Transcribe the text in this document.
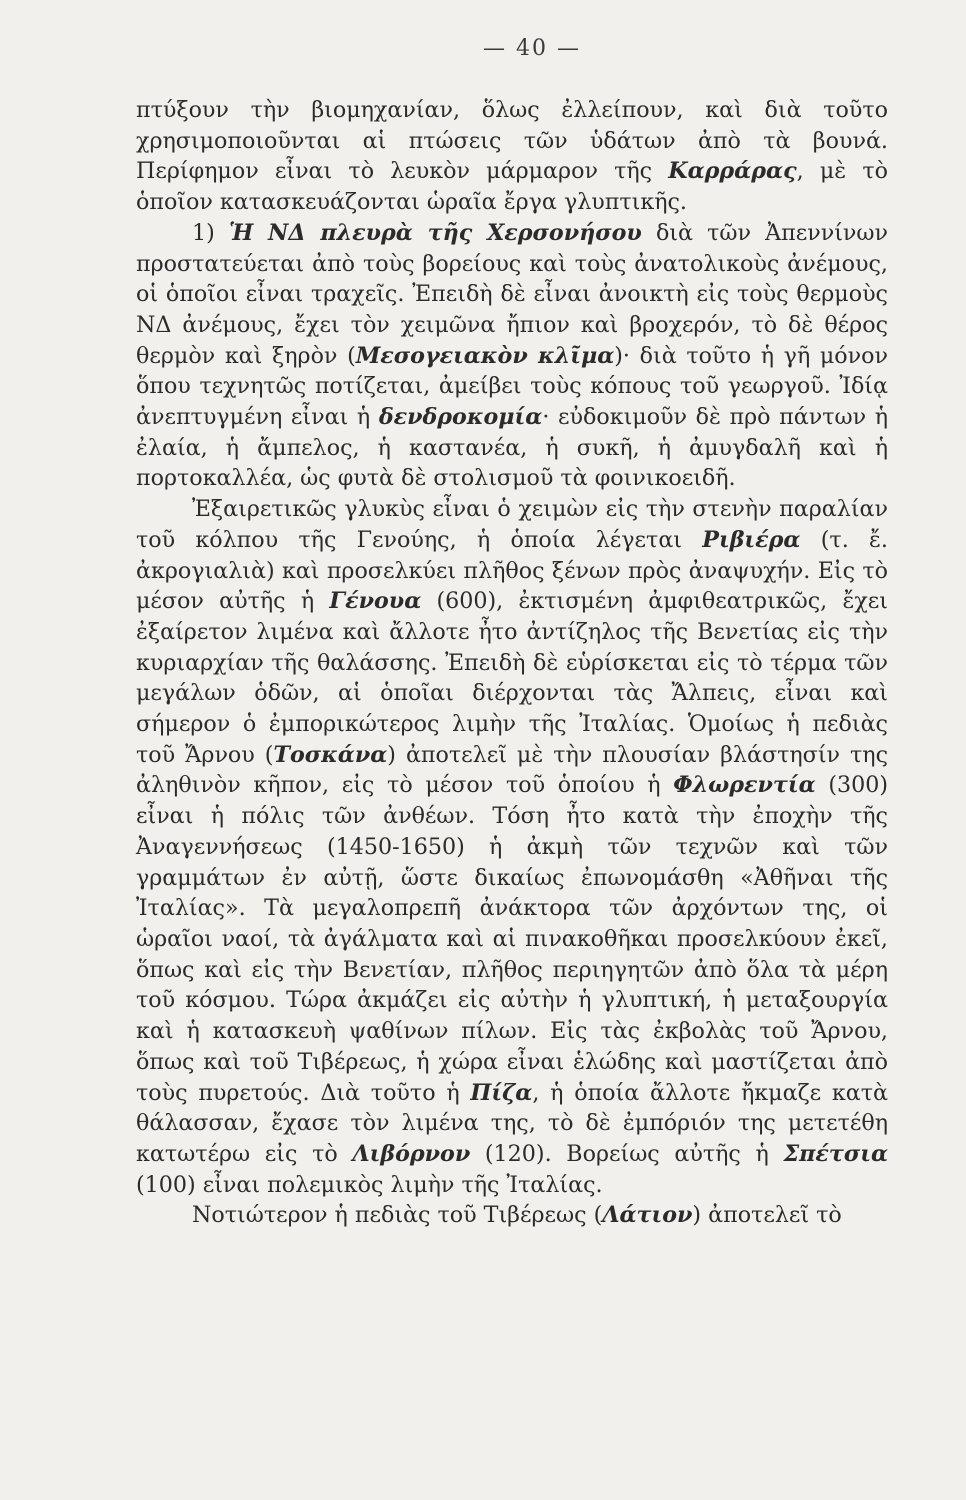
— 40 —

πτύξουν τὴν βιομηχανίαν, ὅλως ἐλλείπουν, καὶ διὰ τοῦτο χρησιμοποιοῦνται αἱ πτώσεις τῶν ὑδάτων ἀπὸ τὰ βουνά. Περίφημον εἶναι τὸ λευκὸν μάρμαρον τῆς Καρράρας, μὲ τὸ ὁποῖον κατασκευάζονται ὡραῖα ἔργα γλυπτικῆς.

1) Ἡ ΝΔ πλευρὰ τῆς Χερσονήσου διὰ τῶν Ἀπεννίνων προστατεύεται ἀπὸ τοὺς βορείους καὶ τοὺς ἀνατολικοὺς ἀνέμους, οἱ ὁποῖοι εἶναι τραχεῖς. Ἐπειδὴ δὲ εἶναι ἀνοικτὴ εἰς τοὺς θερμοὺς ΝΔ ἀνέμους, ἔχει τὸν χειμῶνα ἤπιον καὶ βροχερόν, τὸ δὲ θέρος θερμὸν καὶ ξηρὸν (Μεσογειακὸν κλῖμα)· διὰ τοῦτο ἡ γῆ μόνον ὅπου τεχνητῶς ποτίζεται, ἀμείβει τοὺς κόπους τοῦ γεωργοῦ. Ἰδίᾳ ἀνεπτυγμένη εἶναι ἡ δενδροκομία· εὐδοκιμοῦν δὲ πρὸ πάντων ἡ ἐλαία, ἡ ἄμπελος, ἡ καστανέα, ἡ συκῆ, ἡ ἀμυγδαλῆ καὶ ἡ πορτοκαλλέα, ὡς φυτὰ δὲ στολισμοῦ τὰ φοινικοειδῆ.

Ἐξαιρετικῶς γλυκὺς εἶναι ὁ χειμὼν εἰς τὴν στενὴν παραλίαν τοῦ κόλπου τῆς Γενούης, ἡ ὁποία λέγεται Ριβιέρα (τ. ἔ. ἀκρογιαλιὰ) καὶ προσελκύει πλῆθος ξένων πρὸς ἀναψυχήν. Εἰς τὸ μέσον αὐτῆς ἡ Γένουα (600), ἐκτισμένη ἀμφιθεατρικῶς, ἔχει ἐξαίρετον λιμένα καὶ ἄλλοτε ἦτο ἀντίζηλος τῆς Βενετίας εἰς τὴν κυριαρχίαν τῆς θαλάσσης. Ἐπειδὴ δὲ εὑρίσκεται εἰς τὸ τέρμα τῶν μεγάλων ὁδῶν, αἱ ὁποῖαι διέρχονται τὰς Ἄλπεις, εἶναι καὶ σήμερον ὁ ἐμπορικώτερος λιμὴν τῆς Ἰταλίας. Ὁμοίως ἡ πεδιὰς τοῦ Ἄρνου (Τοσκάνα) ἀποτελεῖ μὲ τὴν πλουσίαν βλάστησίν της ἀληθινὸν κῆπον, εἰς τὸ μέσον τοῦ ὁποίου ἡ Φλωρεντία (300) εἶναι ἡ πόλις τῶν ἀνθέων. Τόση ἦτο κατὰ τὴν ἐποχὴν τῆς Ἀναγεννήσεως (1450-1650) ἡ ἀκμὴ τῶν τεχνῶν καὶ τῶν γραμμάτων ἐν αὐτῇ, ὥστε δικαίως ἐπωνομάσθη «Ἀθῆναι τῆς Ἰταλίας». Τὰ μεγαλοπρεπῆ ἀνάκτορα τῶν ἀρχόντων της, οἱ ὡραῖοι ναοί, τὰ ἀγάλματα καὶ αἱ πινακοθῆκαι προσελκύουν ἐκεῖ, ὅπως καὶ εἰς τὴν Βενετίαν, πλῆθος περιηγητῶν ἀπὸ ὅλα τὰ μέρη τοῦ κόσμου. Τώρα ἀκμάζει εἰς αὐτὴν ἡ γλυπτική, ἡ μεταξουργία καὶ ἡ κατασκευὴ ψαθίνων πίλων. Εἰς τὰς ἐκβολὰς τοῦ Ἄρνου, ὅπως καὶ τοῦ Τιβέρεως, ἡ χώρα εἶναι ἑλώδης καὶ μαστίζεται ἀπὸ τοὺς πυρετούς. Διὰ τοῦτο ἡ Πίζα, ἡ ὁποία ἄλλοτε ἤκμαζε κατὰ θάλασσαν, ἔχασε τὸν λιμένα της, τὸ δὲ ἐμπόριόν της μετετέθη κατωτέρω εἰς τὸ Λιβόρνον (120). Βορείως αὐτῆς ἡ Σπέτσια (100) εἶναι πολεμικὸς λιμὴν τῆς Ἰταλίας.

Νοτιώτερον ἡ πεδιὰς τοῦ Τιβέρεως (Λάτιον) ἀποτελεῖ τὸ
